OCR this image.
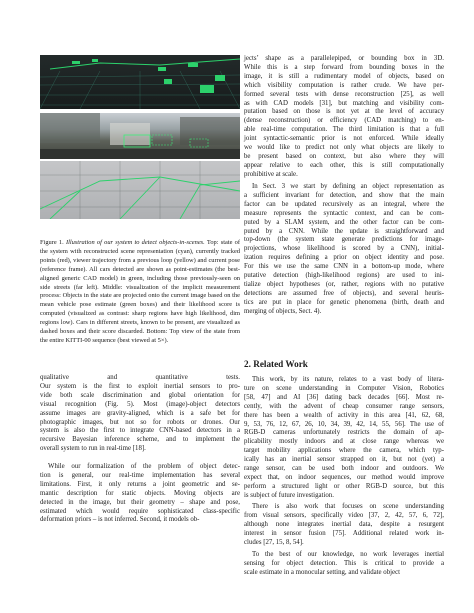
Figure 1. Illustration of our system to detect objects-in-scenes. Top: state of the system with reconstructed scene representation (cyan), currently tracked points (red), viewer trajectory from a previous loop (yellow) and current pose (reference frame). All cars detected are shown as point-estimates (the best-aligned generic CAD model) in green, including those previously-seen on side streets (far left). Middle: visualization of the implicit measurement process: Objects in the state are projected onto the current image based on the mean vehicle pose estimate (green boxes) and their likelihood score is computed (visualized as contrast: sharp regions have high likelihood, dim regions low). Cars in different streets, known to be present, are visualized as dashed boxes and their score discarded. Bottom: Top view of the state from the entire KITTI-00 sequence (best viewed at 5×).
qualitative and quantitative tests.
Our system is the first to exploit inertial sensors to pro-
vide both scale discrimination and global orientation for
visual recognition (Fig. 5). Most (image)-object detectors
assume images are gravity-aligned, which is a safe bet for
photographic images, but not so for robots or drones. Our
system is also the first to integrate CNN-based detectors in a
recursive Bayesian inference scheme, and to implement the
overall system to run in real-time [18].
While our formalization of the problem of object detec-
tion is general, our real-time implementation has several
limitations. First, it only returns a joint geometric and se-
mantic description for static objects. Moving objects are
detected in the image, but their geometry – shape and pose,
estimated which would require sophisticated class-specific
deformation priors – is not inferred. Second, it models ob-
jects’ shape as a parallelepiped, or bounding box in 3D.
While this is a step forward from bounding boxes in the
image, it is still a rudimentary model of objects, based on
which visibility computation is rather crude. We have per-
formed several tests with dense reconstruction [25], as well
as with CAD models [31], but matching and visibility com-
putation based on those is not yet at the level of accuracy
(dense reconstruction) or efficiency (CAD matching) to en-
able real-time computation. The third limitation is that a full
joint syntactic-semantic prior is not enforced. While ideally
we would like to predict not only what objects are likely to
be present based on context, but also where they will
appear relative to each other, this is still computationally
prohibitive at scale.
In Sect. 3 we start by defining an object representation as
a sufficient invariant for detection, and show that the main
factor can be updated recursively as an integral, where the
measure represents the syntactic context, and can be com-
puted by a SLAM system, and the other factor can be com-
puted by a CNN. While the update is straightforward and
top-down (the system state generate predictions for image-
projections, whose likelihood is scored by a CNN), initial-
ization requires defining a prior on object identity and pose.
For this we use the same CNN in a bottom-up mode, where
putative detection (high-likelihood regions) are used to ini-
tialize object hypotheses (or, rather, regions with no putative
detections are assumed free of objects), and several heuris-
tics are put in place for genetic phenomena (birth, death and
merging of objects, Sect. 4).
2. Related Work
This work, by its nature, relates to a vast body of litera-
ture on scene understanding in Computer Vision, Robotics
[58, 47] and AI [36] dating back decades [66]. Most re-
cently, with the advent of cheap consumer range sensors,
there has been a wealth of activity in this area [41, 62, 68,
9, 53, 76, 12, 67, 26, 10, 34, 39, 42, 14, 55, 56]. The use of
RGB-D cameras unfortunately restricts the domain of ap-
plicability mostly indoors and at close range whereas we
target mobility applications where the camera, which typ-
ically has an inertial sensor strapped on it, but not (yet) a
range sensor, can be used both indoor and outdoors. We
expect that, on indoor sequences, our method would improve
perform a structured light or other RGB-D source, but this
is subject of future investigation.
There is also work that focuses on scene understanding
from visual sensors, specifically video [37, 2, 42, 57, 6, 72],
although none integrates inertial data, despite a resurgent
interest in sensor fusion [75]. Additional related work in-
cludes [27, 15, 8, 54].
To the best of our knowledge, no work leverages inertial
sensing for object detection. This is critical to provide a
scale estimate in a monocular setting, and validate object
